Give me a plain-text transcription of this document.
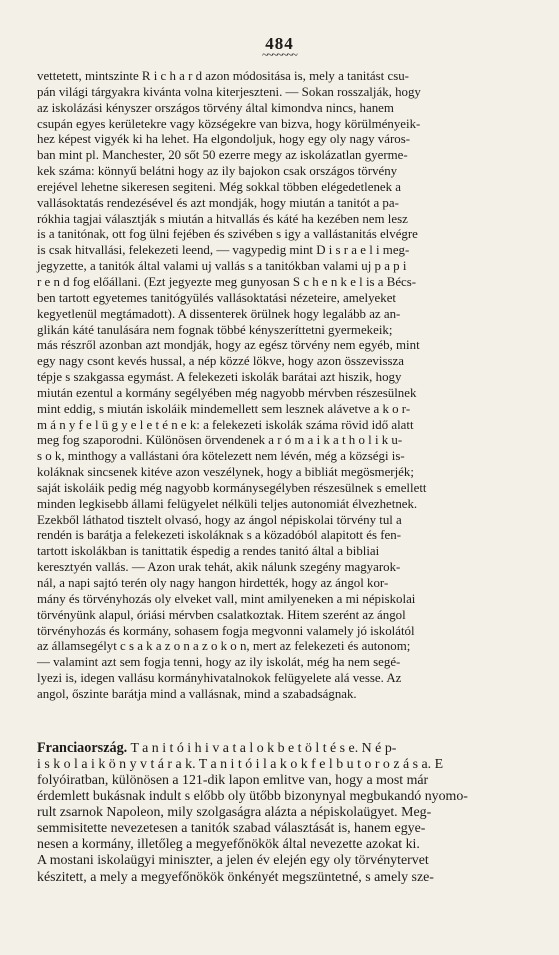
484
~~~~~~~

vettetett, mintszinte R i c h a r d azon módositása is, mely a tanitást csu-

pán világi tárgyakra kivánta volna kiterjeszteni. — Sokan rosszalják, hogy

az iskolázási kényszer országos törvény által kimondva nincs, hanem

csupán egyes kerületekre vagy községekre van bizva, hogy körülményeik-

hez képest vigyék ki ha lehet. Ha elgondoljuk, hogy egy oly nagy város-

ban mint pl. Manchester, 20 sőt 50 ezerre megy az iskolázatlan gyerme-

kek száma: könnyű belátni hogy az ily bajokon csak országos törvény

erejével lehetne sikeresen segiteni. Még sokkal többen elégedetlenek a

vallásoktatás rendezésével és azt mondják, hogy miután a tanitót a pa-

rókhia tagjai választják s miután a hitvallás és káté ha kezében nem lesz

is a tanitónak, ott fog ülni fejében és szivében s igy a vallástanitás elvégre

is csak hitvallási, felekezeti leend, — vagypedig mint D i s r a e l i meg-

jegyzette, a tanitók által valami uj vallás s a tanitókban valami uj p a p i

r e n d fog előállani. (Ezt jegyezte meg gunyosan S c h e n k e l is a Bécs-

ben tartott egyetemes tanitógyülés vallásoktatási nézeteire, amelyeket

kegyetlenül megtámadott). A dissenterek örülnek hogy legalább az an-

glikán káté tanulására nem fognak többé kényszeríttetni gyermekeik;

más részről azonban azt mondják, hogy az egész törvény nem egyéb, mint

egy nagy csont kevés hussal, a nép közzé lökve, hogy azon összevissza

tépje s szakgassa egymást. A felekezeti iskolák barátai azt hiszik, hogy

miután ezentul a kormány segélyében még nagyobb mérvben részesülnek

mint eddig, s miután iskoláik mindemellett sem lesznek alávetve a k o r-

m á n y f e l ü g y e l e t é n e k: a felekezeti iskolák száma rövid idő alatt

meg fog szaporodni. Különösen örvendenek a r ó m a i k a t h o l i k u-

s o k, minthogy a vallástani óra kötelezett nem lévén, még a községi is-

koláknak sincsenek kitéve azon veszélynek, hogy a bibliát megösmerjék;

saját iskoláik pedig még nagyobb kormánysegélyben részesülnek s emellett

minden legkisebb állami felügyelet nélküli teljes autonomiát élvezhetnek.

Ezekből láthatod tisztelt olvasó, hogy az ángol népiskolai törvény tul a

rendén is barátja a felekezeti iskoláknak s a közadóból alapitott és fen-

tartott iskolákban is tanittatik éspedig a rendes tanitó által a bibliai

keresztyén vallás. — Azon urak tehát, akik nálunk szegény magyarok-

nál, a napi sajtó terén oly nagy hangon hirdették, hogy az ángol kor-

mány és törvényhozás oly elveket vall, mint amilyeneken a mi népiskolai

törvényünk alapul, óriási mérvben csalatkoztak. Hitem szerént az ángol

törvényhozás és kormány, sohasem fogja megvonni valamely jó iskolától

az államsegélyt c s a k a z o n a z o k o n, mert az felekezeti és autonom;

— valamint azt sem fogja tenni, hogy az ily iskolát, még ha nem segé-

lyezi is, idegen vallásu kormányhivatalnokok felügyelete alá vesse. Az

angol, őszinte barátja mind a vallásnak, mind a szabadságnak.

Franciaország. T a n i t ó i h i v a t a l o k b e t ö l t é s e. N é p-

i s k o l a i k ö n y v t á r a k. T a n i t ó i l a k o k f e l b u t o r o z á s a. E

folyóiratban, különösen a 121-dik lapon emlitve van, hogy a most már

érdemlett bukásnak indult s előbb oly ütőbb bizonynyal megbukandó nyomo-

rult zsarnok Napoleon, mily szolgaságra alázta a népiskolaügyet. Meg-

semmisitette nevezetesen a tanitók szabad választását is, hanem egye-

nesen a kormány, illetőleg a megyefőnökök által nevezette azokat ki.

A mostani iskolaügyi miniszter, a jelen év elején egy oly törvénytervet

készitett, a mely a megyefőnökök önkényét megszüntetné, s amely sze-
